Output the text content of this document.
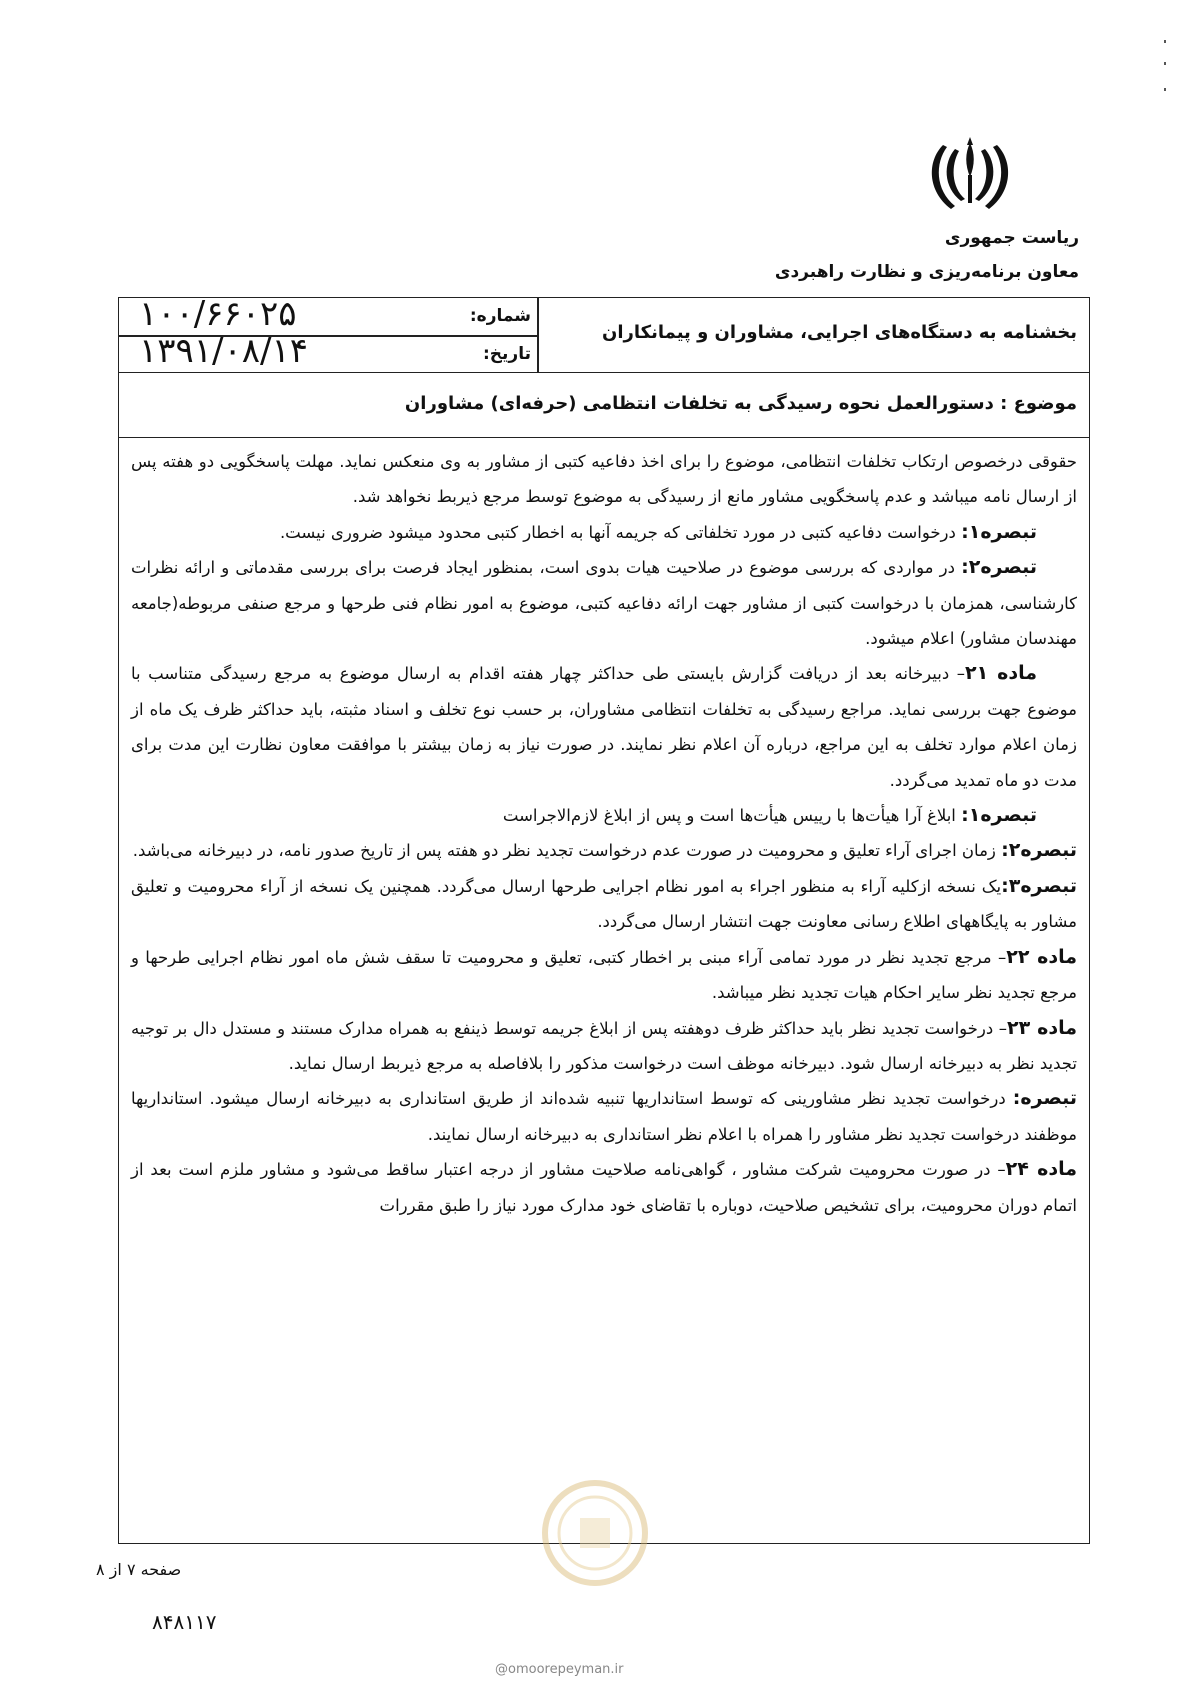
ریاست جمهوری
معاون برنامه‌ریزی و نظارت راهبردی
۱۰۰/۶۶۰۲۵	شماره:
۱۳۹۱/۰۸/۱۴	تاریخ:
بخشنامه به دستگاه‌های اجرایی، مشاوران و پیمانکاران
موضوع : دستورالعمل نحوه رسیدگی به تخلفات انتظامی (حرفه‌ای) مشاوران

حقوقی درخصوص ارتکاب تخلفات انتظامی، موضوع را برای اخذ دفاعیه کتبی از مشاور به وی منعکس نماید. مهلت پاسخگویی دو هفته پس از ارسال نامه میباشد و عدم پاسخگویی مشاور مانع از رسیدگی به موضوع توسط مرجع ذیربط نخواهد شد.

تبصره۱: درخواست دفاعیه کتبی در مورد تخلفاتی که جریمه آنها به اخطار کتبی محدود میشود ضروری نیست.

تبصره۲: در مواردی که بررسی موضوع در صلاحیت هیات بدوی است، بمنظور ایجاد فرصت برای بررسی مقدماتی و ارائه نظرات کارشناسی، همزمان با درخواست کتبی از مشاور جهت ارائه دفاعیه کتبی، موضوع به امور نظام فنی طرحها و مرجع صنفی مربوطه(جامعه مهندسان مشاور) اعلام میشود.

ماده ۲۱– دبیرخانه بعد از دریافت گزارش بایستی طی حداکثر چهار هفته اقدام به ارسال موضوع به مرجع رسیدگی متناسب با موضوع جهت بررسی نماید. مراجع رسیدگی به تخلفات انتظامی مشاوران، بر حسب نوع تخلف و اسناد مثبته، باید حداکثر ظرف یک ماه از زمان اعلام موارد تخلف به این مراجع، درباره آن اعلام نظر نمایند. در صورت نیاز به زمان بیشتر با موافقت معاون نظارت این مدت برای مدت دو ماه تمدید می‌گردد.

تبصره۱: ابلاغ آرا هیأت‌ها با رییس هیأت‌ها است و پس از ابلاغ لازم‌الاجراست

تبصره۲: زمان اجرای آراء تعلیق و محرومیت در صورت عدم درخواست تجدید نظر دو هفته پس از تاریخ صدور نامه، در دبیرخانه می‌باشد.

تبصره۳:یک نسخه ازکلیه آراء به منظور اجراء به امور نظام اجرایی طرحها ارسال می‌گردد. همچنین یک نسخه از آراء محرومیت و تعلیق مشاور به پایگاههای اطلاع رسانی معاونت جهت انتشار ارسال می‌گردد.

ماده ۲۲– مرجع تجدید نظر در مورد تمامی آراء مبنی بر اخطار کتبی، تعلیق و محرومیت تا سقف شش ماه امور نظام اجرایی طرحها و مرجع تجدید نظر سایر احکام هیات تجدید نظر میباشد.

ماده ۲۳– درخواست تجدید نظر باید حداکثر ظرف دوهفته پس از ابلاغ جریمه توسط ذینفع به همراه مدارک مستند و مستدل دال بر توجیه تجدید نظر به دبیرخانه ارسال شود. دبیرخانه موظف است درخواست مذکور را بلافاصله به مرجع ذیربط ارسال نماید.

تبصره: درخواست تجدید نظر مشاورینی که توسط استانداریها تنبیه شده‌اند از طریق استانداری به دبیرخانه ارسال میشود. استانداریها موظفند درخواست تجدید نظر مشاور را همراه با اعلام نظر استانداری به دبیرخانه ارسال نمایند.

ماده ۲۴– در صورت محرومیت شرکت مشاور ، گواهی‌نامه صلاحیت مشاور از درجه اعتبار ساقط می‌شود و مشاور ملزم است بعد از اتمام دوران محرومیت، برای تشخیص صلاحیت، دوباره با تقاضای خود مدارک مورد نیاز را طبق مقررات

صفحه ۷ از ۸
۸۴۸۱۱۷
@omoorepeyman.ir
